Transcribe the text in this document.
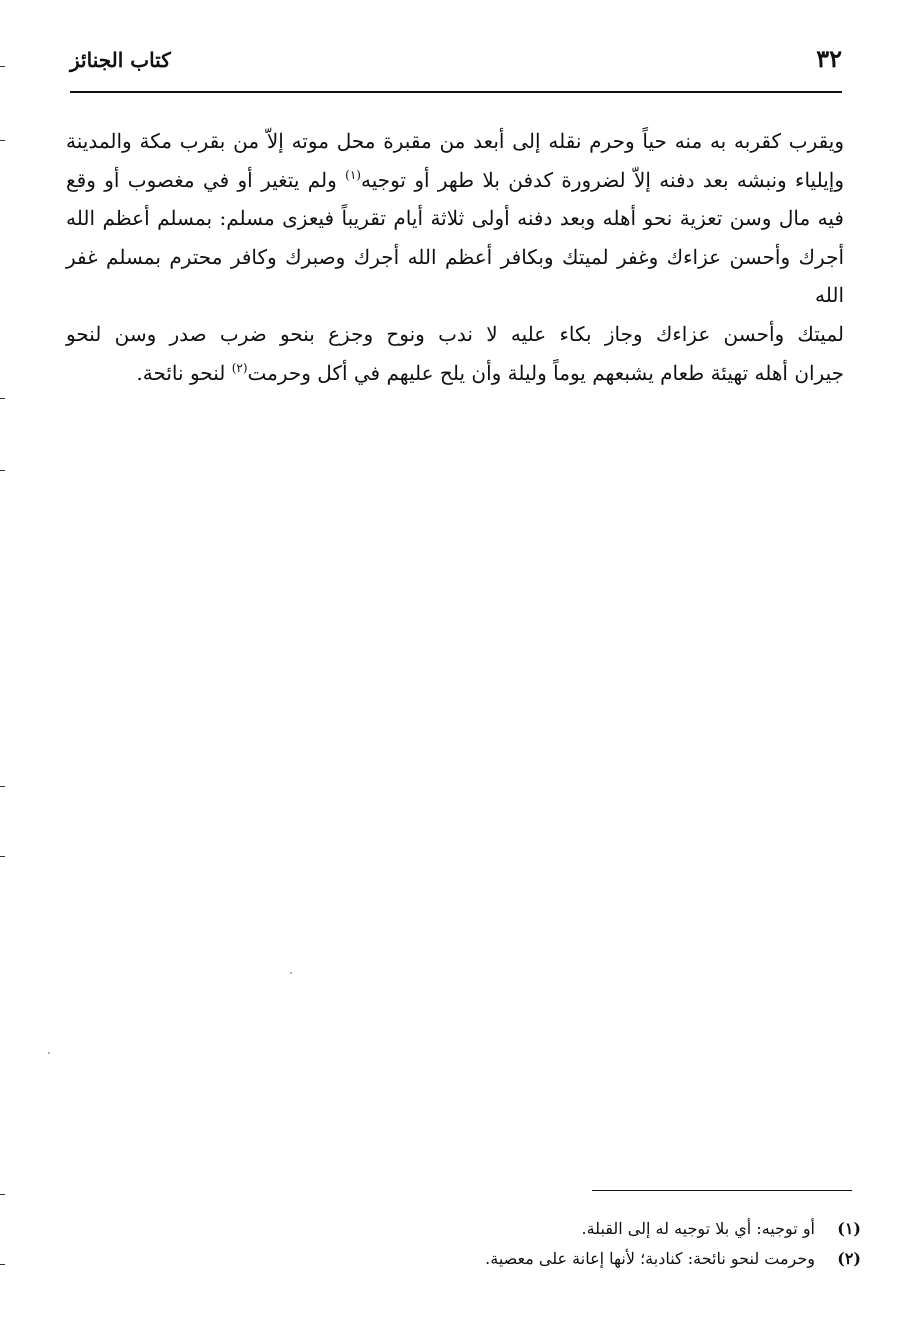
٣٢
كتاب الجنائز

ويقرب كقربه به منه حياً وحرم نقله إلى أبعد من مقبرة محل موته إلاّ من بقرب مكة والمدينة
وإيلياء ونبشه بعد دفنه إلاّ لضرورة كدفن بلا طهر أو توجيه$^{(١)}$ ولم يتغير أو في مغصوب أو وقع
فيه مال وسن تعزية نحو أهله وبعد دفنه أولى ثلاثة أيام تقريباً فيعزى مسلم: بمسلم أعظم الله
أجرك وأحسن عزاءك وغفر لميتك وبكافر أعظم الله أجرك وصبرك وكافر محترم بمسلم غفر الله
لميتك وأحسن عزاءك وجاز بكاء عليه لا ندب ونوح وجزع بنحو ضرب صدر وسن لنحو
جيران أهله تهيئة طعام يشبعهم يوماً وليلة وأن يلح عليهم في أكل وحرمت$^{(٢)}$ لنحو نائحة.

(١)أو توجيه: أي بلا توجيه له إلى القبلة.
(٢)وحرمت لنحو نائحة: كنادبة؛ لأنها إعانة على معصية.
